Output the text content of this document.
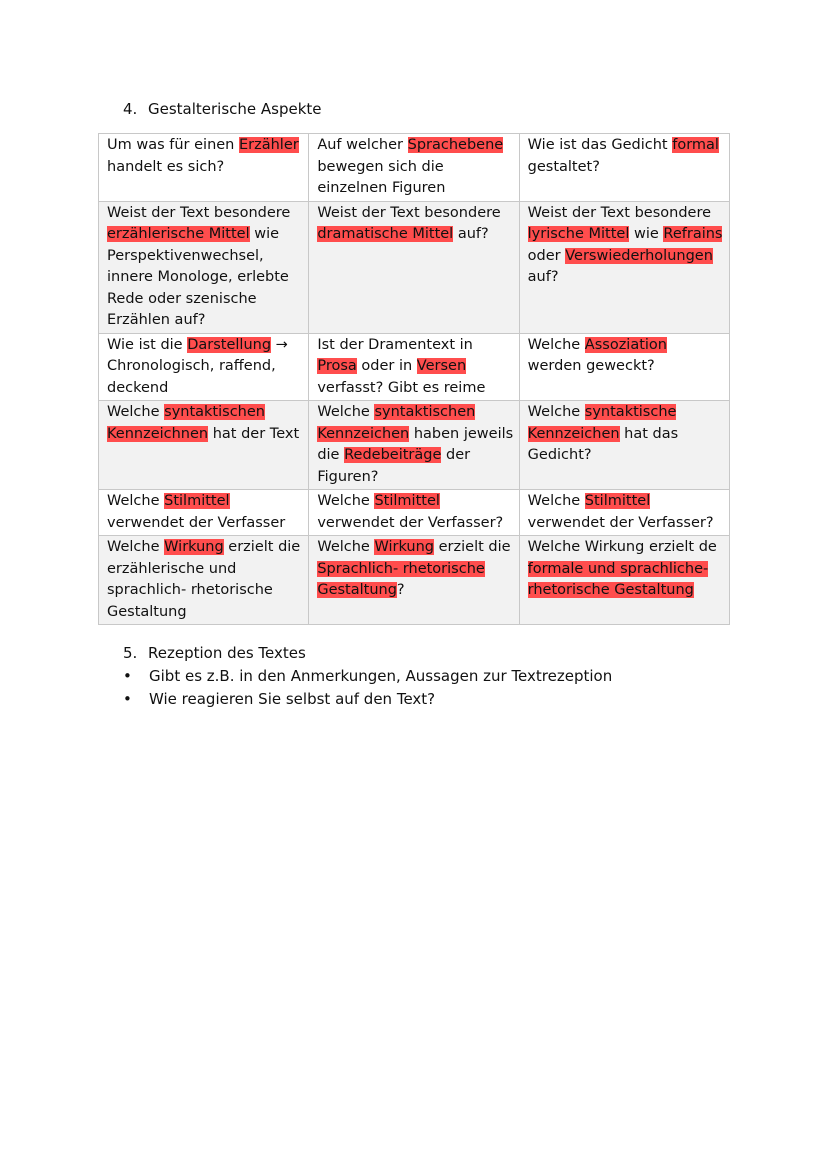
4. Gestalterische Aspekte
Um was für einen Erzähler handelt es sich?	Auf welcher Sprachebene bewegen sich die einzelnen Figuren	Wie ist das Gedicht formal gestaltet?
Weist der Text besondere erzählerische Mittel wie Perspektivenwechsel, innere Monologe, erlebte Rede oder szenische Erzählen auf?	Weist der Text besondere dramatische Mittel auf?	Weist der Text besondere lyrische Mittel wie Refrains oder Verswiederholungen auf?
Wie ist die Darstellung → Chronologisch, raffend, deckend	Ist der Dramentext in Prosa oder in Versen verfasst? Gibt es reime	Welche Assoziation werden geweckt?
Welche syntaktischen Kennzeichnen hat der Text	Welche syntaktischen Kennzeichen haben jeweils die Redebeiträge der Figuren?	Welche syntaktische Kennzeichen hat das Gedicht?
Welche Stilmittel verwendet der Verfasser	Welche Stilmittel verwendet der Verfasser?	Welche Stilmittel verwendet der Verfasser?
Welche Wirkung erzielt die erzählerische und sprachlich- rhetorische Gestaltung	Welche Wirkung erzielt die Sprachlich- rhetorische Gestaltung?	Welche Wirkung erzielt de formale und sprachliche- rhetorische Gestaltung
5. Rezeption des Textes
•	Gibt es z.B. in den Anmerkungen, Aussagen zur Textrezeption
•	Wie reagieren Sie selbst auf den Text?
